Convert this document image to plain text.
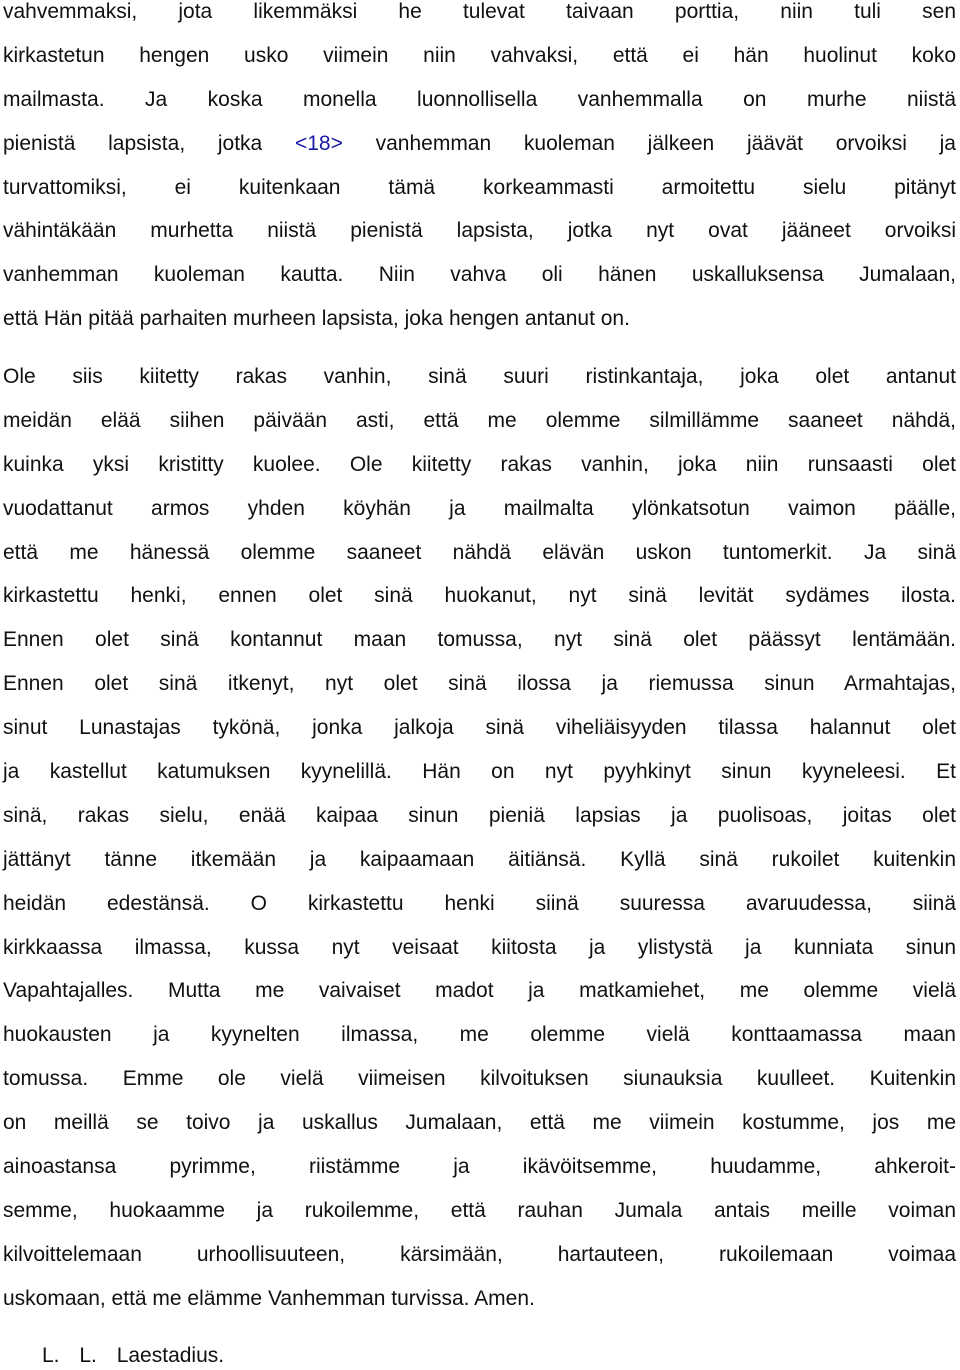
vahvemmaksi, jota likemmäksi he tulevat taivaan porttia, niin tuli sen
kirkastetun hengen usko viimein niin vahvaksi, että ei hän huolinut koko
mailmasta. Ja koska monella luonnollisella vanhemmalla on murhe niistä
pienistä lapsista, jotka <18> vanhemman kuoleman jälkeen jäävät orvoiksi ja
turvattomiksi, ei kuitenkaan tämä korkeammasti armoitettu sielu pitänyt
vähintäkään murhetta niistä pienistä lapsista, jotka nyt ovat jääneet orvoiksi
vanhemman kuoleman kautta. Niin vahva oli hänen uskalluksensa Jumalaan,
että Hän pitää parhaiten murheen lapsista, joka hengen antanut on.
Ole siis kiitetty rakas vanhin, sinä suuri ristinkantaja, joka olet antanut
meidän elää siihen päivään asti, että me olemme silmillämme saaneet nähdä,
kuinka yksi kristitty kuolee. Ole kiitetty rakas vanhin, joka niin runsaasti olet
vuodattanut armos yhden köyhän ja mailmalta ylönkatsotun vaimon päälle,
että me hänessä olemme saaneet nähdä elävän uskon tuntomerkit. Ja sinä
kirkastettu henki, ennen olet sinä huokanut, nyt sinä levität sydämes ilosta.
Ennen olet sinä kontannut maan tomussa, nyt sinä olet päässyt lentämään.
Ennen olet sinä itkenyt, nyt olet sinä ilossa ja riemussa sinun Armahtajas,
sinut Lunastajas tykönä, jonka jalkoja sinä viheliäisyyden tilassa halannut olet
ja kastellut katumuksen kyynelillä. Hän on nyt pyyhkinyt sinun kyyneleesi. Et
sinä, rakas sielu, enää kaipaa sinun pieniä lapsias ja puolisoas, joitas olet
jättänyt tänne itkemään ja kaipaamaan äitiänsä. Kyllä sinä rukoilet kuitenkin
heidän edestänsä. O kirkastettu henki siinä suuressa avaruudessa, siinä
kirkkaassa ilmassa, kussa nyt veisaat kiitosta ja ylistystä ja kunniata sinun
Vapahtajalles. Mutta me vaivaiset madot ja matkamiehet, me olemme vielä
huokausten ja kyynelten ilmassa, me olemme vielä konttaamassa maan
tomussa. Emme ole vielä viimeisen kilvoituksen siunauksia kuulleet. Kuitenkin
on meillä se toivo ja uskallus Jumalaan, että me viimein kostumme, jos me
ainoastansa pyrimme, riistämme ja ikävöitsemme, huudamme, ahkeroit-
semme, huokaamme ja rukoilemme, että rauhan Jumala antais meille voiman
kilvoittelemaan urhoollisuuteen, kärsimään, hartauteen, rukoilemaan voimaa
uskomaan, että me elämme Vanhemman turvissa. Amen.
L. L. Laestadius.
